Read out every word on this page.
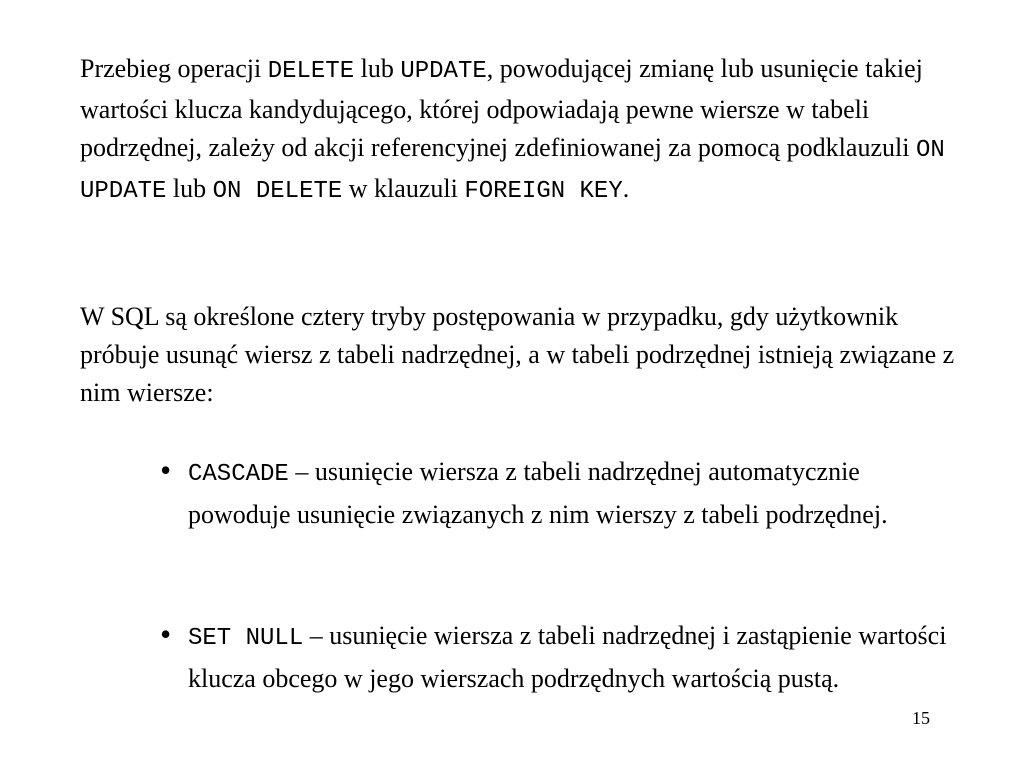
Przebieg operacji DELETE lub UPDATE, powodującej zmianę lub usunięcie takiej wartości klucza kandydującego, której odpowiadają pewne wiersze w tabeli podrzędnej, zależy od akcji referencyjnej zdefiniowanej za pomocą podklauzuli ON UPDATE lub ON DELETE w klauzuli FOREIGN KEY.

W SQL są określone cztery tryby postępowania w przypadku, gdy użytkownik próbuje usunąć wiersz z tabeli nadrzędnej, a w tabeli podrzędnej istnieją związane z nim wiersze:

• CASCADE – usunięcie wiersza z tabeli nadrzędnej automatycznie powoduje usunięcie związanych z nim wierszy z tabeli podrzędnej.
• SET NULL – usunięcie wiersza z tabeli nadrzędnej i zastąpienie wartości klucza obcego w jego wierszach podrzędnych wartością pustą.
15
